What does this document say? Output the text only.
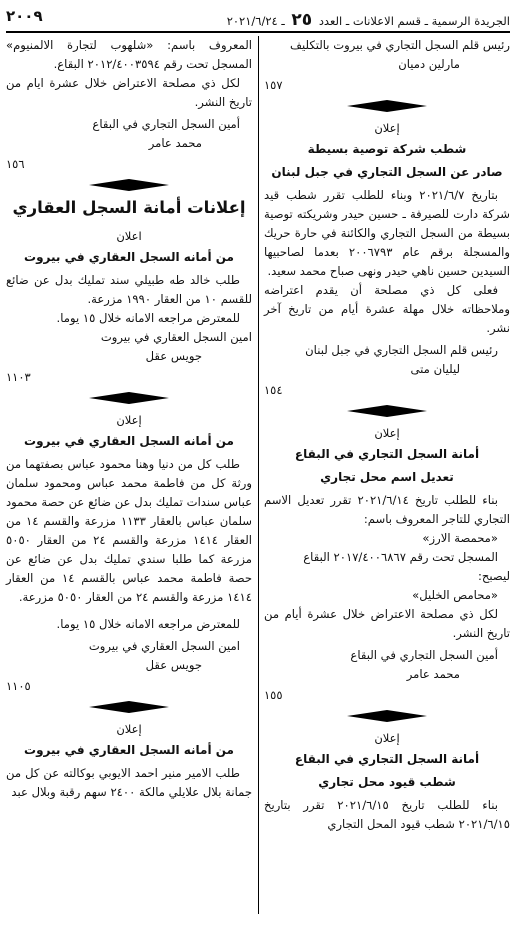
٢٠٠٩	الجريدة الرسمية ـ قسم الاعلانات ـ العدد ٢٥ ـ ٢٠٢١/٦/٢٤

رئيس قلم السجل التجاري في بيروت بالتكليف

مارلين دميان

١٥٧

إعلان

شطب شركة توصية بسيطة

صادر عن السجل التجاري في جبل لبنان

بتاريخ ٢٠٢١/٦/٧ وبناء للطلب تقرر شطب قيد شركة دارت للصيرفة ـ حسين حيدر وشريكته توصية بسيطة من السجل التجاري والكائنة في حارة حريك والمسجلة برقم عام ٢٠٠٦٧٩٣ بعدما لصاحبيها السيدين حسين ناهي حيدر ونهى صباح محمد سعيد.

فعلى كل ذي مصلحة أن يقدم اعتراضه وملاحظاته خلال مهلة عشرة أيام من تاريخ آخر نشر.

رئيس قلم السجل التجاري في جبل لبنان

ليليان متى

١٥٤

إعلان

أمانة السجل التجاري في البقاع

تعديل اسم محل تجاري

بناء للطلب تاريخ ٢٠٢١/٦/١٤ تقرر تعديل الاسم التجاري للتاجر المعروف باسم:

«محمصة الارز»

المسجل تحت رقم ٢٠١٧/٤٠٠٦٨٦٧ البقاع

ليصبح:

«محامص الخليل»

لكل ذي مصلحة الاعتراض خلال عشرة أيام من تاريخ النشر.

أمين السجل التجاري في البقاع

محمد عامر

١٥٥

إعلان

أمانة السجل التجاري في البقاع

شطب قيود محل تجاري

بناء للطلب تاريخ ٢٠٢١/٦/١٥ تقرر بتاريخ ٢٠٢١/٦/١٥ شطب قيود المحل التجاري

المعروف باسم: «شلهوب لتجارة الالمنيوم» المسجل تحت رقم ٢٠١٢/٤٠٠٣٥٩٤ البقاع.

لكل ذي مصلحة الاعتراض خلال عشرة ايام من تاريخ النشر.

أمين السجل التجاري في البقاع

محمد عامر

١٥٦

إعلانات أمانة السجل العقاري

اعلان

من أمانه السجل العقاري في بيروت

طلب خالد طه طبيلي سند تمليك بدل عن ضائع للقسم ١٠ من العقار ١٩٩٠ مزرعة.

للمعترض مراجعه الامانه خلال ١٥ يوما.

امين السجل العقاري في بيروت

جويس عقل

١١٠٣

إعلان

من أمانه السجل العقاري في بيروت

طلب كل من دنيا وهنا محمود عباس بصفتهما من ورثة كل من فاطمة محمد عباس ومحمود سلمان عباس سندات تمليك بدل عن ضائع عن حصة محمود سلمان عباس بالعقار ١١٣٣ مزرعة والقسم ١٤ من العقار ١٤١٤ مزرعة والقسم ٢٤ من العقار ٥٠٥٠ مزرعة كما طلبا سندي تمليك بدل عن ضائع عن حصة فاطمة محمد عباس بالقسم ١٤ من العقار ١٤١٤ مزرعة والقسم ٢٤ من العقار ٥٠٥٠ مزرعة.

للمعترض مراجعه الامانه خلال ١٥ يوما.

امين السجل العقاري في بيروت

جويس عقل

١١٠٥

إعلان

من أمانه السجل العقاري في بيروت

طلب الامير منير احمد الايوبي بوكالته عن كل من جمانة بلال علايلي مالكة ٢٤٠٠ سهم رقبة وبلال عبد
